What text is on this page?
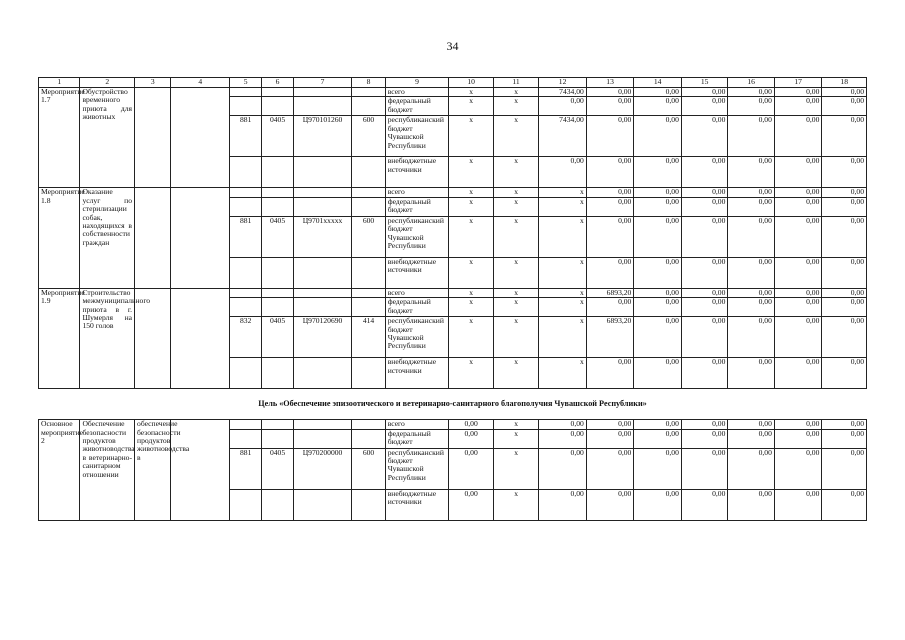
34
1	2	3	4	5	6	7	8	9	10	11	12	13	14	15	16	17	18
Мероприятие 1.7	Обустройство временного приюта для животных							всего	x	x	7434,00	0,00	0,00	0,00	0,00	0,00	0,00
								федеральный бюджет	x	x	0,00	0,00	0,00	0,00	0,00	0,00	0,00
				881	0405	Ц970101260	600	республиканский бюджет Чувашской Республики	x	x	7434,00	0,00	0,00	0,00	0,00	0,00	0,00
								внебюджетные источники	x	x	0,00	0,00	0,00	0,00	0,00	0,00	0,00
Мероприятие 1.8	Оказание услуг по стерилизации собак, находящихся в собственности граждан							всего	x	x	x	0,00	0,00	0,00	0,00	0,00	0,00
								федеральный бюджет	x	x	x	0,00	0,00	0,00	0,00	0,00	0,00
				881	0405	Ц9701xxxxx	600	республиканский бюджет Чувашской Республики	x	x	x	0,00	0,00	0,00	0,00	0,00	0,00
								внебюджетные источники	x	x	x	0,00	0,00	0,00	0,00	0,00	0,00
Мероприятие 1.9	Строительство межмуниципального приюта в г. Шумерля на 150 голов							всего	x	x	x	6893,20	0,00	0,00	0,00	0,00	0,00
								федеральный бюджет	x	x	x	0,00	0,00	0,00	0,00	0,00	0,00
				832	0405	Ц970120690	414	республиканский бюджет Чувашской Республики	x	x	x	6893,20	0,00	0,00	0,00	0,00	0,00
								внебюджетные источники	x	x	x	0,00	0,00	0,00	0,00	0,00	0,00
Цель «Обеспечение эпизоотического и ветеринарно-санитарного благополучия Чувашской Республики»																	
Основное мероприятие 2	Обеспечение безопасности продуктов животноводства в ветеринарно-санитарном отношении	обеспечение безопасности продуктов животноводства в						всего	0,00	x	0,00	0,00	0,00	0,00	0,00	0,00	0,00
								федеральный бюджет	0,00	x	0,00	0,00	0,00	0,00	0,00	0,00	0,00
				881	0405	Ц970200000	600	республиканский бюджет Чувашской Республики	0,00	x	0,00	0,00	0,00	0,00	0,00	0,00	0,00
								внебюджетные источники	0,00	x	0,00	0,00	0,00	0,00	0,00	0,00	0,00
